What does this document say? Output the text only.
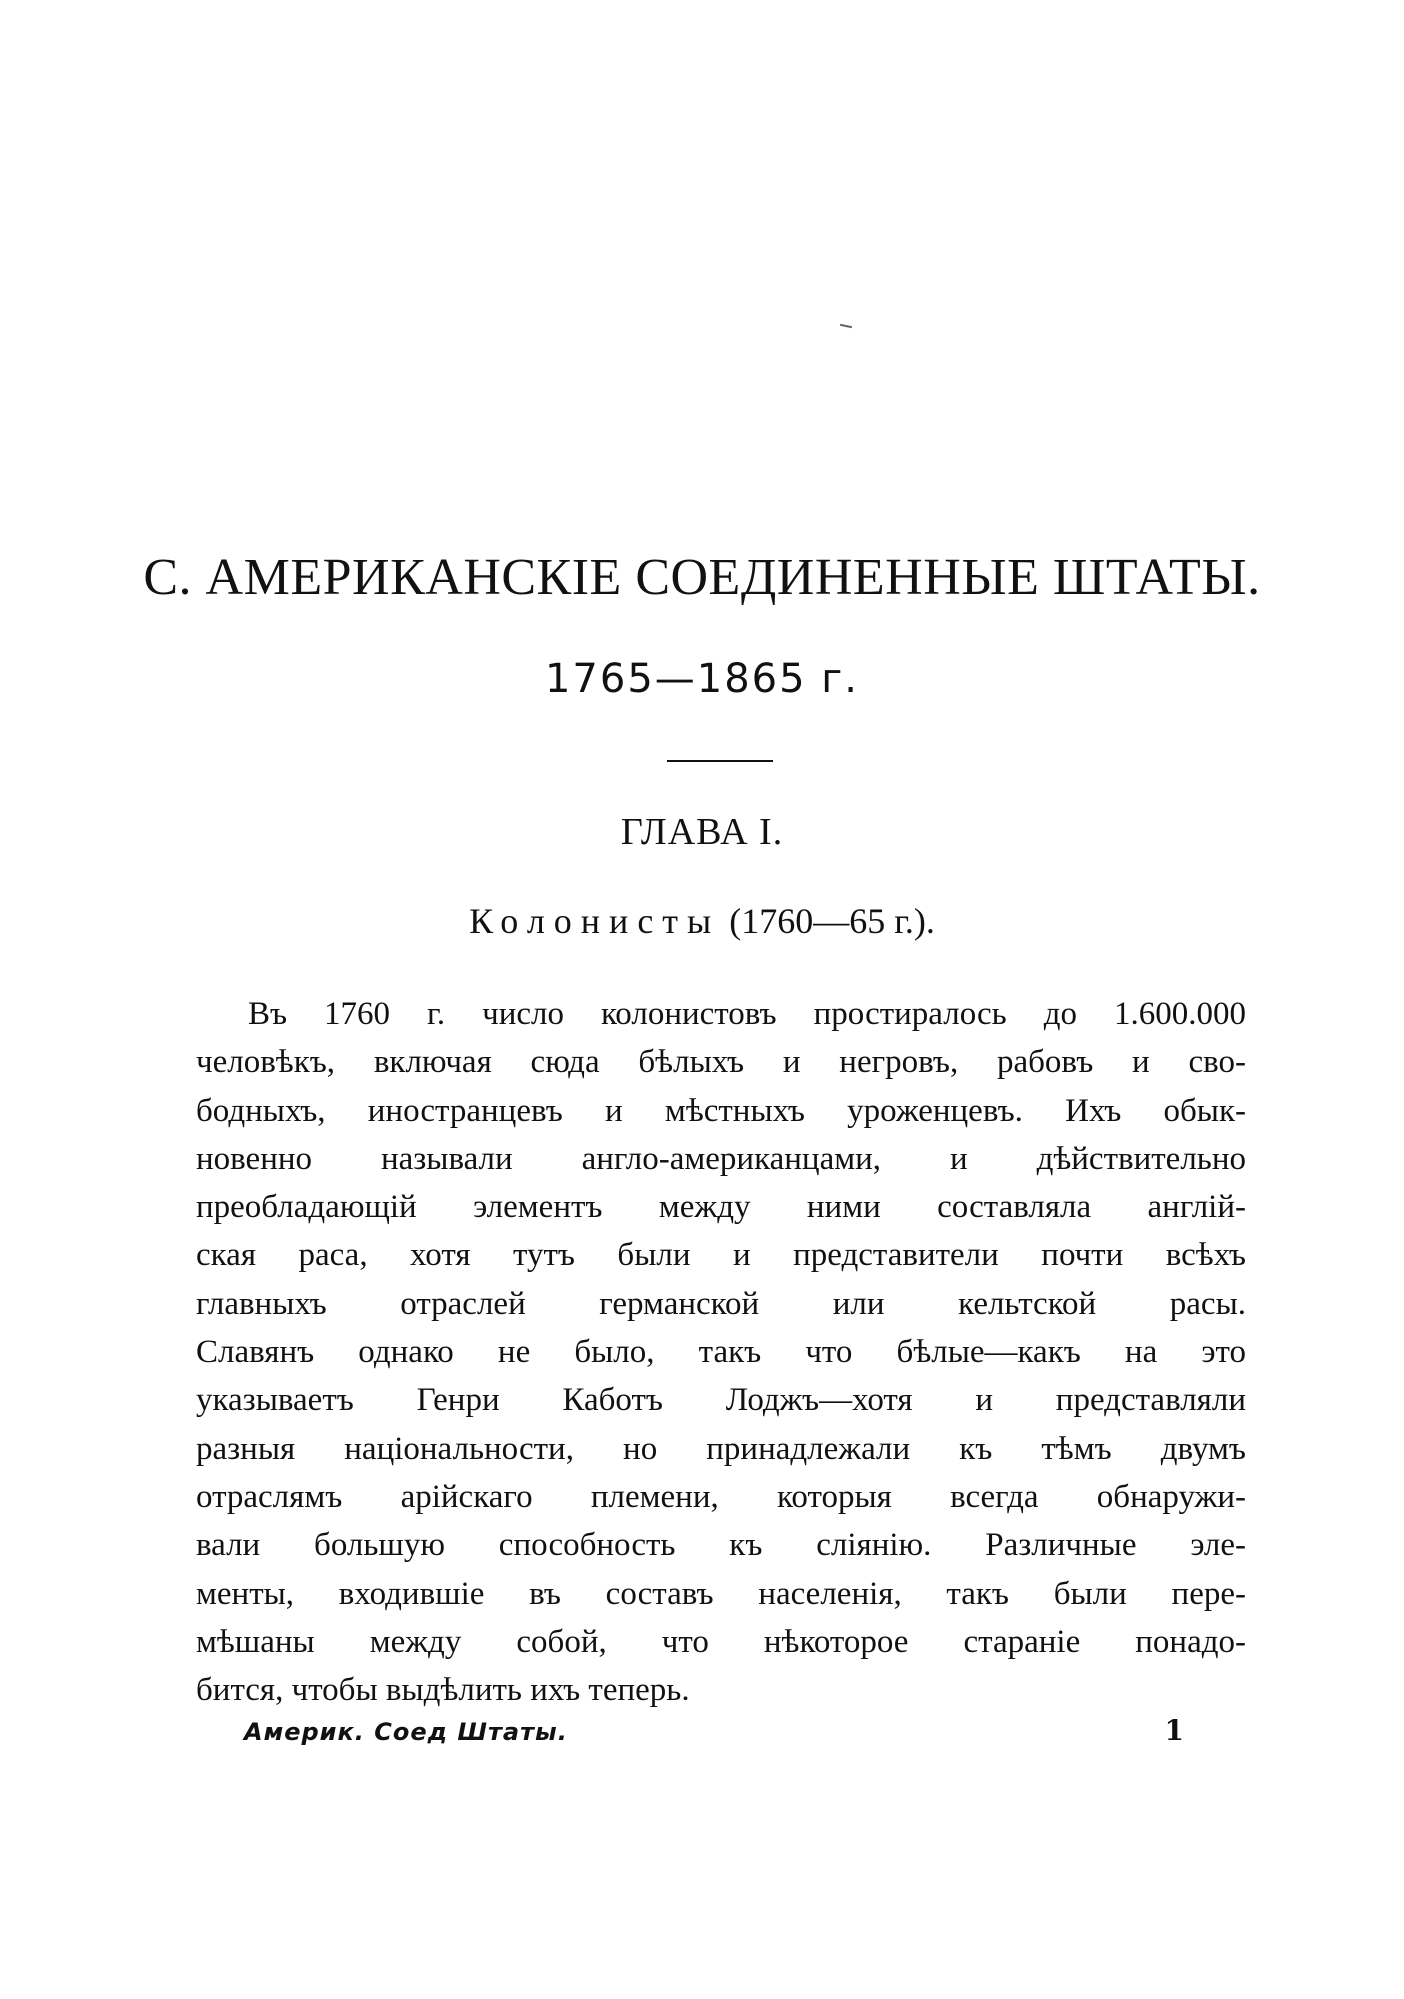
С. АМЕРИКАНСКІЕ СОЕДИНЕННЫЕ ШТАТЫ.
1765—1865 г.
ГЛАВА I.
Колонисты (1760—65 г.).
Въ 1760 г. число колонистовъ простиралось до 1.600.000
человѣкъ, включая сюда бѣлыхъ и негровъ, рабовъ и сво-
бодныхъ, иностранцевъ и мѣстныхъ уроженцевъ. Ихъ обык-
новенно называли англо-американцами, и дѣйствительно
преобладающій элементъ между ними составляла англій-
ская раса, хотя тутъ были и представители почти всѣхъ
главныхъ отраслей германской или кельтской расы.
Славянъ однако не было, такъ что бѣлые—какъ на это
указываетъ Генри Каботъ Лоджъ—хотя и представляли
разныя національности, но принадлежали къ тѣмъ двумъ
отраслямъ арійскаго племени, которыя всегда обнаружи-
вали большую способность къ сліянію. Различные эле-
менты, входившіе въ составъ населенія, такъ были пере-
мѣшаны между собой, что нѣкоторое стараніе понадо-
бится, чтобы выдѣлить ихъ теперь.
Америк. Соед Штаты.	1
